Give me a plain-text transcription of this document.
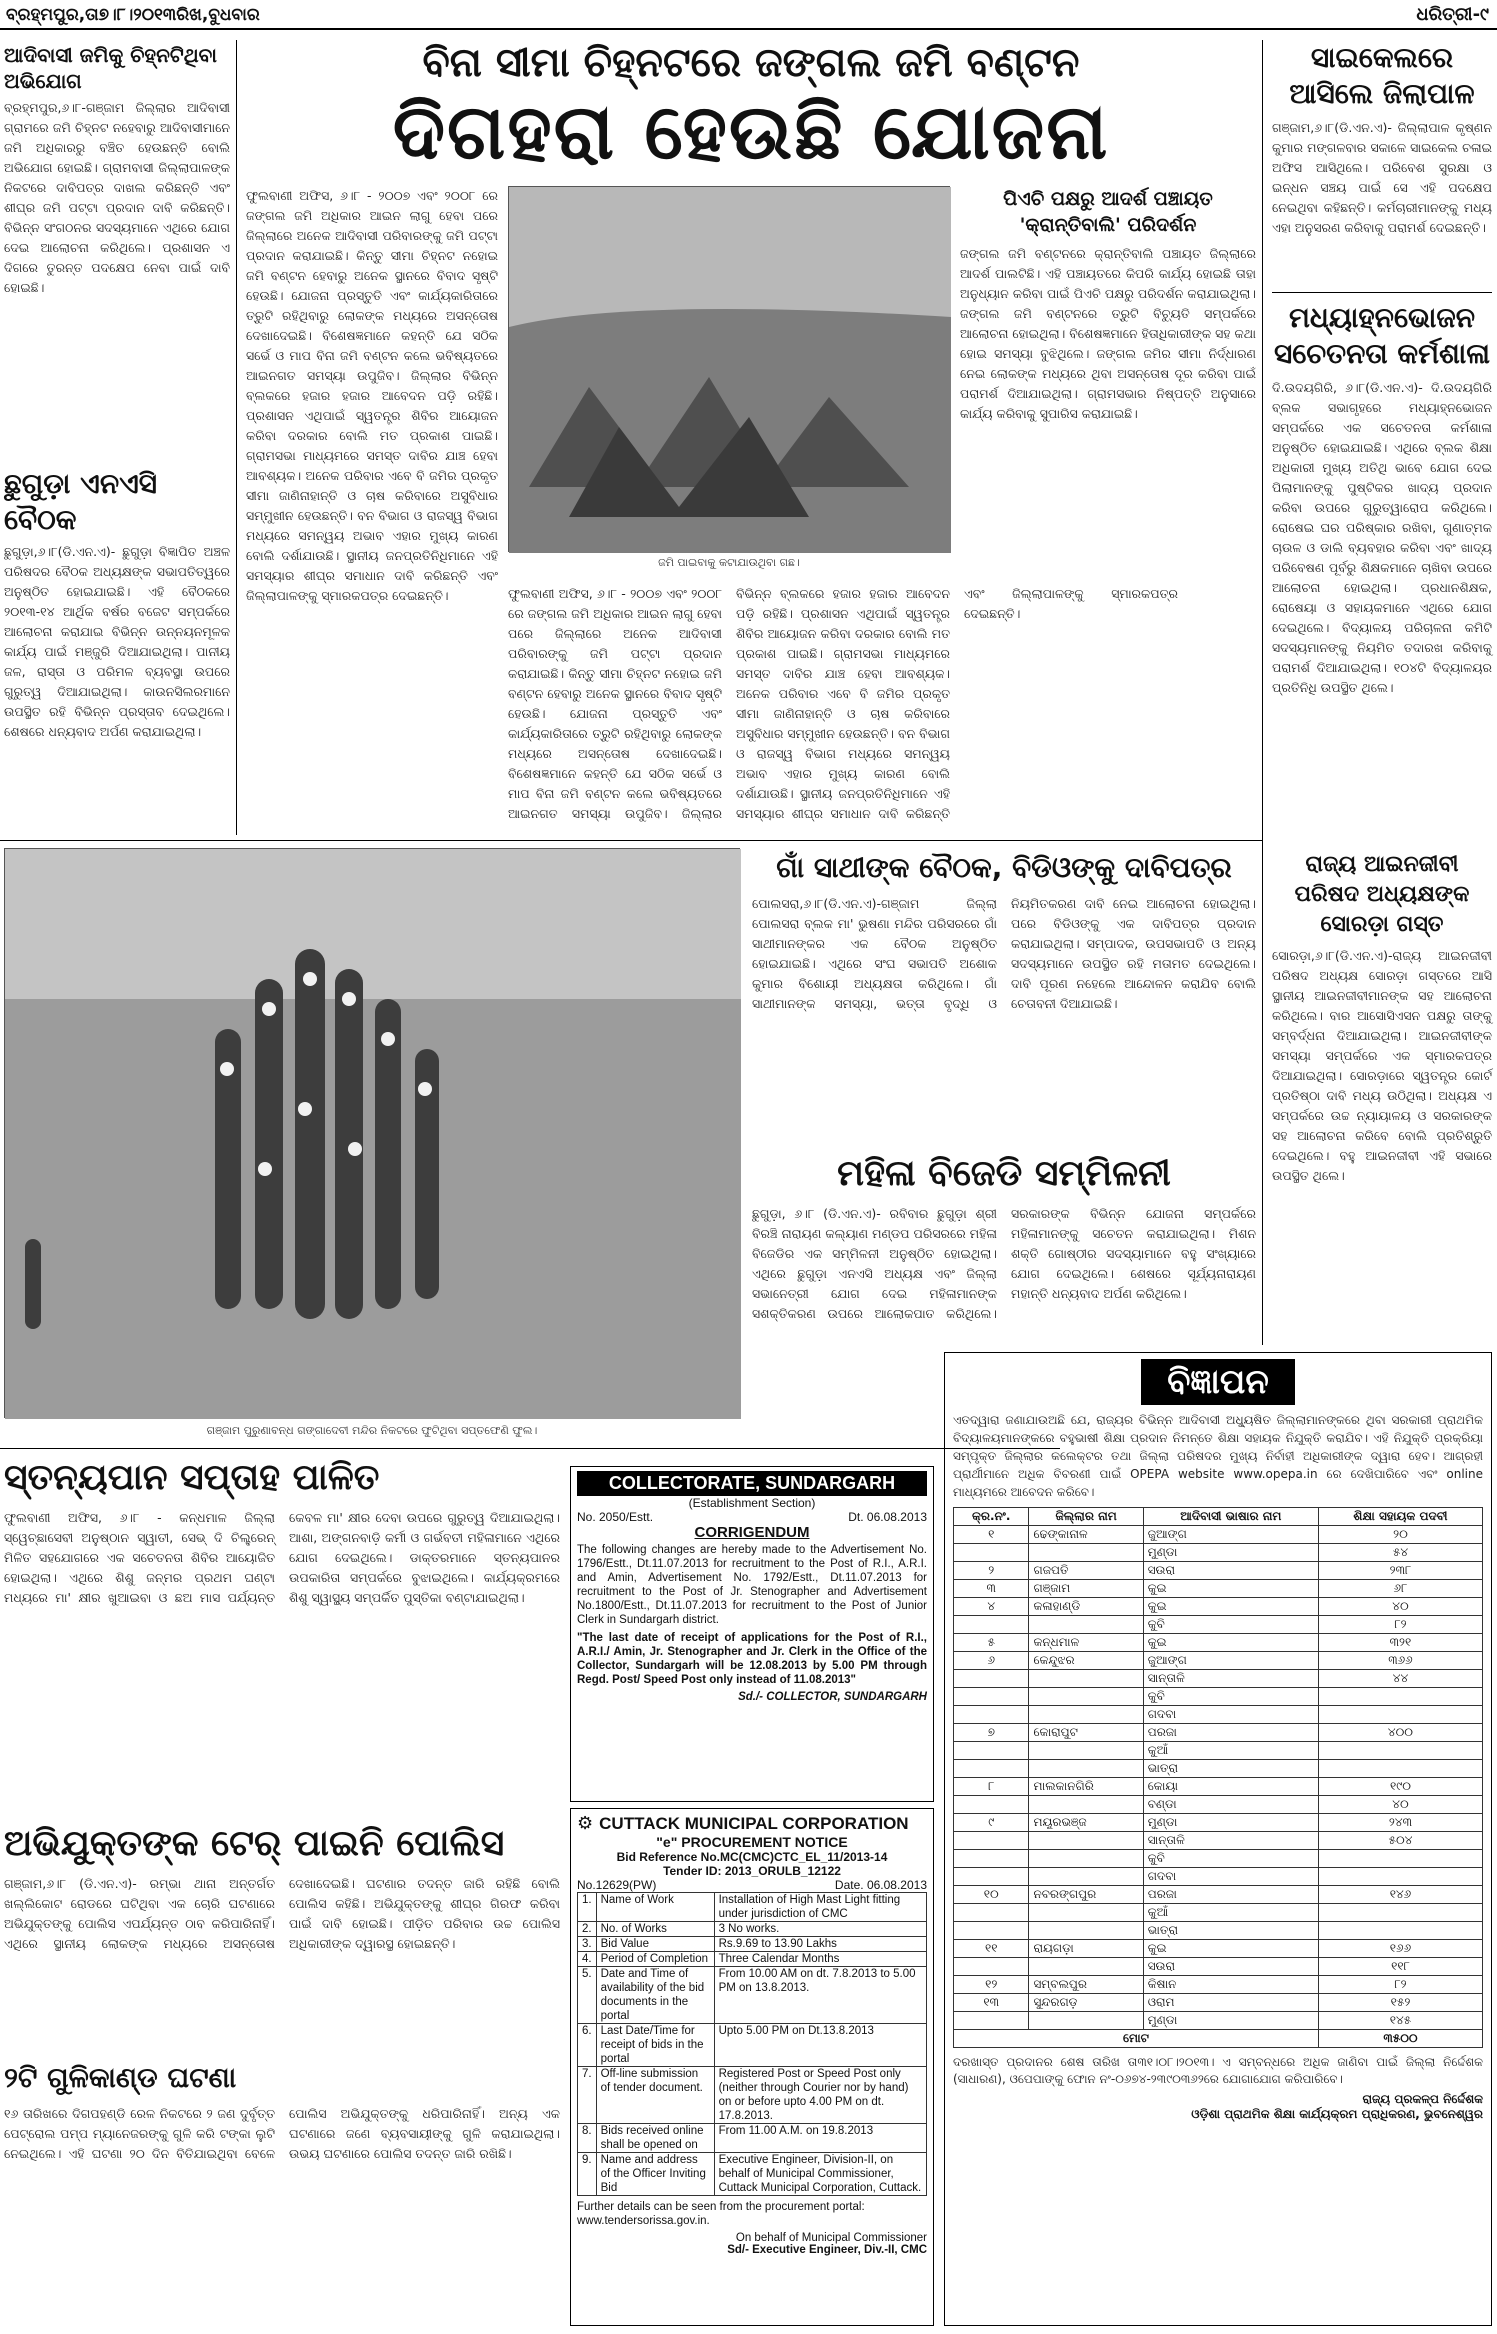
ବ୍ରହ୍ମପୁର,ତା୭।୮।୨୦୧୩ରିଖ,ବୁଧବାର	ଧରିତ୍ରୀ-୯
ଆଦିବାସୀ ଜମିକୁ ଚିହ୍ନଟିଥିବା ଅଭିଯୋଗ
ବ୍ରହ୍ମପୁର,୬।୮-ଗଞ୍ଜାମ ଜିଲ୍ଲାର ଆଦିବାସୀ ଗ୍ରାମରେ ଜମି ଚିହ୍ନଟ ନହେବାରୁ ଆଦିବାସୀମାନେ ଜମି ଅଧିକାରରୁ ବଞ୍ଚିତ ହେଉଛନ୍ତି ବୋଲି ଅଭିଯୋଗ ହୋଇଛି। ଗ୍ରାମବାସୀ ଜିଲ୍ଲାପାଳଙ୍କ ନିକଟରେ ଦାବିପତ୍ର ଦାଖଲ କରିଛନ୍ତି ଏବଂ ଶୀଘ୍ର ଜମି ପଟ୍ଟା ପ୍ରଦାନ ଦାବି କରିଛନ୍ତି। ବିଭିନ୍ନ ସଂଗଠନର ସଦସ୍ୟମାନେ ଏଥିରେ ଯୋଗ ଦେଇ ଆଲୋଚନା କରିଥିଲେ। ପ୍ରଶାସନ ଏ ଦିଗରେ ତୁରନ୍ତ ପଦକ୍ଷେପ ନେବା ପାଇଁ ଦାବି ହୋଇଛି।
ଛୁଗୁଡ଼ା ଏନଏସି ବୈଠକ
ଛୁଗୁଡ଼ା,୬।୮(ଡି.ଏନ.ଏ)- ଛୁଗୁଡ଼ା ବିଜ୍ଞାପିତ ଅଞ୍ଚଳ ପରିଷଦର ବୈଠକ ଅଧ୍ୟକ୍ଷଙ୍କ ସଭାପତିତ୍ୱରେ ଅନୁଷ୍ଠିତ ହୋଇଯାଇଛି। ଏହି ବୈଠକରେ ୨୦୧୩-୧୪ ଆର୍ଥିକ ବର୍ଷର ବଜେଟ ସମ୍ପର୍କରେ ଆଲୋଚନା କରାଯାଇ ବିଭିନ୍ନ ଉନ୍ନୟନମୂଳକ କାର୍ଯ୍ୟ ପାଇଁ ମଞ୍ଜୁରି ଦିଆଯାଇଥିଲା। ପାନୀୟ ଜଳ, ରାସ୍ତା ଓ ପରିମଳ ବ୍ୟବସ୍ଥା ଉପରେ ଗୁରୁତ୍ୱ ଦିଆଯାଇଥିଲା। କାଉନସିଲରମାନେ ଉପସ୍ଥିତ ରହି ବିଭିନ୍ନ ପ୍ରସ୍ତାବ ଦେଇଥିଲେ। ଶେଷରେ ଧନ୍ୟବାଦ ଅର୍ପଣ କରାଯାଇଥିଲା।
ବିନା ସୀମା ଚିହ୍ନଟରେ ଜଙ୍ଗଲ ଜମି ବଣ୍ଟନ
ଦିଗହରା ହେଉଛି ଯୋଜନା
ଫୁଲବାଣୀ ଅଫିସ, ୬।୮ - ୨୦୦୭ ଏବଂ ୨୦୦୮ ରେ ଜଙ୍ଗଲ ଜମି ଅଧିକାର ଆଇନ ଲାଗୁ ହେବା ପରେ ଜିଲ୍ଲାରେ ଅନେକ ଆଦିବାସୀ ପରିବାରଙ୍କୁ ଜମି ପଟ୍ଟା ପ୍ରଦାନ କରାଯାଇଛି। କିନ୍ତୁ ସୀମା ଚିହ୍ନଟ ନହୋଇ ଜମି ବଣ୍ଟନ ହେବାରୁ ଅନେକ ସ୍ଥାନରେ ବିବାଦ ସୃଷ୍ଟି ହେଉଛି। ଯୋଜନା ପ୍ରସ୍ତୁତି ଏବଂ କାର୍ଯ୍ୟକାରିତାରେ ତ୍ରୁଟି ରହିଥିବାରୁ ଲୋକଙ୍କ ମଧ୍ୟରେ ଅସନ୍ତୋଷ ଦେଖାଦେଇଛି। ବିଶେଷଜ୍ଞମାନେ କହନ୍ତି ଯେ ସଠିକ ସର୍ଭେ ଓ ମାପ ବିନା ଜମି ବଣ୍ଟନ କଲେ ଭବିଷ୍ୟତରେ ଆଇନଗତ ସମସ୍ୟା ଉପୁଜିବ। ଜିଲ୍ଲାର ବିଭିନ୍ନ ବ୍ଲକରେ ହଜାର ହଜାର ଆବେଦନ ପଡ଼ି ରହିଛି। ପ୍ରଶାସନ ଏଥିପାଇଁ ସ୍ୱତନ୍ତ୍ର ଶିବିର ଆୟୋଜନ କରିବା ଦରକାର ବୋଲି ମତ ପ୍ରକାଶ ପାଇଛି। ଗ୍ରାମସଭା ମାଧ୍ୟମରେ ସମସ୍ତ ଦାବିର ଯାଞ୍ଚ ହେବା ଆବଶ୍ୟକ। ଅନେକ ପରିବାର ଏବେ ବି ଜମିର ପ୍ରକୃତ ସୀମା ଜାଣିନାହାନ୍ତି ଓ ଚାଷ କରିବାରେ ଅସୁବିଧାର ସମ୍ମୁଖୀନ ହେଉଛନ୍ତି। ବନ ବିଭାଗ ଓ ରାଜସ୍ୱ ବିଭାଗ ମଧ୍ୟରେ ସମନ୍ୱୟ ଅଭାବ ଏହାର ମୁଖ୍ୟ କାରଣ ବୋଲି ଦର୍ଶାଯାଉଛି। ସ୍ଥାନୀୟ ଜନପ୍ରତିନିଧିମାନେ ଏହି ସମସ୍ୟାର ଶୀଘ୍ର ସମାଧାନ ଦାବି କରିଛନ୍ତି ଏବଂ ଜିଲ୍ଲାପାଳଙ୍କୁ ସ୍ମାରକପତ୍ର ଦେଇଛନ୍ତି।
ଜମି ପାଇବାକୁ କଟାଯାଉଥିବା ଗଛ।
ଫୁଲବାଣୀ ଅଫିସ, ୬।୮ - ୨୦୦୭ ଏବଂ ୨୦୦୮ ରେ ଜଙ୍ଗଲ ଜମି ଅଧିକାର ଆଇନ ଲାଗୁ ହେବା ପରେ ଜିଲ୍ଲାରେ ଅନେକ ଆଦିବାସୀ ପରିବାରଙ୍କୁ ଜମି ପଟ୍ଟା ପ୍ରଦାନ କରାଯାଇଛି। କିନ୍ତୁ ସୀମା ଚିହ୍ନଟ ନହୋଇ ଜମି ବଣ୍ଟନ ହେବାରୁ ଅନେକ ସ୍ଥାନରେ ବିବାଦ ସୃଷ୍ଟି ହେଉଛି। ଯୋଜନା ପ୍ରସ୍ତୁତି ଏବଂ କାର୍ଯ୍ୟକାରିତାରେ ତ୍ରୁଟି ରହିଥିବାରୁ ଲୋକଙ୍କ ମଧ୍ୟରେ ଅସନ୍ତୋଷ ଦେଖାଦେଇଛି। ବିଶେଷଜ୍ଞମାନେ କହନ୍ତି ଯେ ସଠିକ ସର୍ଭେ ଓ ମାପ ବିନା ଜମି ବଣ୍ଟନ କଲେ ଭବିଷ୍ୟତରେ ଆଇନଗତ ସମସ୍ୟା ଉପୁଜିବ। ଜିଲ୍ଲାର ବିଭିନ୍ନ ବ୍ଲକରେ ହଜାର ହଜାର ଆବେଦନ ପଡ଼ି ରହିଛି। ପ୍ରଶାସନ ଏଥିପାଇଁ ସ୍ୱତନ୍ତ୍ର ଶିବିର ଆୟୋଜନ କରିବା ଦରକାର ବୋଲି ମତ ପ୍ରକାଶ ପାଇଛି। ଗ୍ରାମସଭା ମାଧ୍ୟମରେ ସମସ୍ତ ଦାବିର ଯାଞ୍ଚ ହେବା ଆବଶ୍ୟକ। ଅନେକ ପରିବାର ଏବେ ବି ଜମିର ପ୍ରକୃତ ସୀମା ଜାଣିନାହାନ୍ତି ଓ ଚାଷ କରିବାରେ ଅସୁବିଧାର ସମ୍ମୁଖୀନ ହେଉଛନ୍ତି। ବନ ବିଭାଗ ଓ ରାଜସ୍ୱ ବିଭାଗ ମଧ୍ୟରେ ସମନ୍ୱୟ ଅଭାବ ଏହାର ମୁଖ୍ୟ କାରଣ ବୋଲି ଦର୍ଶାଯାଉଛି। ସ୍ଥାନୀୟ ଜନପ୍ରତିନିଧିମାନେ ଏହି ସମସ୍ୟାର ଶୀଘ୍ର ସମାଧାନ ଦାବି କରିଛନ୍ତି ଏବଂ ଜିଲ୍ଲାପାଳଙ୍କୁ ସ୍ମାରକପତ୍ର ଦେଇଛନ୍ତି।
ପିଏଚି ପକ୍ଷରୁ ଆଦର୍ଶ ପଞ୍ଚାୟତ 'କ୍ରାନ୍ତିବାଲି' ପରିଦର୍ଶନ
ଜଙ୍ଗଲ ଜମି ବଣ୍ଟନରେ କ୍ରାନ୍ତିବାଲି ପଞ୍ଚାୟତ ଜିଲ୍ଲାରେ ଆଦର୍ଶ ପାଲଟିଛି। ଏହି ପଞ୍ଚାୟତରେ କିପରି କାର୍ଯ୍ୟ ହୋଇଛି ତାହା ଅନୁଧ୍ୟାନ କରିବା ପାଇଁ ପିଏଚି ପକ୍ଷରୁ ପରିଦର୍ଶନ କରାଯାଇଥିଲା। ଜଙ୍ଗଲ ଜମି ବଣ୍ଟନରେ ତ୍ରୁଟି ବିଚ୍ୟୁତି ସମ୍ପର୍କରେ ଆଲୋଚନା ହୋଇଥିଲା। ବିଶେଷଜ୍ଞମାନେ ହିତାଧିକାରୀଙ୍କ ସହ କଥା ହୋଇ ସମସ୍ୟା ବୁଝିଥିଲେ। ଜଙ୍ଗଲ ଜମିର ସୀମା ନିର୍ଦ୍ଧାରଣ ନେଇ ଲୋକଙ୍କ ମଧ୍ୟରେ ଥିବା ଅସନ୍ତୋଷ ଦୂର କରିବା ପାଇଁ ପରାମର୍ଶ ଦିଆଯାଇଥିଲା। ଗ୍ରାମସଭାର ନିଷ୍ପତ୍ତି ଅନୁସାରେ କାର୍ଯ୍ୟ କରିବାକୁ ସୁପାରିସ କରାଯାଇଛି।
ସାଇକେଲରେ ଆସିଲେ ଜିଲାପାଳ
ଗଞ୍ଜାମ,୬।୮(ଡି.ଏନ.ଏ)- ଜିଲ୍ଲାପାଳ କୃଷ୍ଣନ କୁମାର ମଙ୍ଗଳବାର ସକାଳେ ସାଇକେଲ ଚଳାଇ ଅଫିସ ଆସିଥିଲେ। ପରିବେଶ ସୁରକ୍ଷା ଓ ଇନ୍ଧନ ସଞ୍ଚୟ ପାଇଁ ସେ ଏହି ପଦକ୍ଷେପ ନେଇଥିବା କହିଛନ୍ତି। କର୍ମଚାରୀମାନଙ୍କୁ ମଧ୍ୟ ଏହା ଅନୁସରଣ କରିବାକୁ ପରାମର୍ଶ ଦେଇଛନ୍ତି।
ମଧ୍ୟାହ୍ନଭୋଜନ ସଚେତନତା କର୍ମଶାଳା
ଦି.ଉଦୟଗିରି, ୬।୮(ଡି.ଏନ.ଏ)- ଦି.ଉଦୟଗିରି ବ୍ଲକ ସଭାଗୃହରେ ମଧ୍ୟାହ୍ନଭୋଜନ ସମ୍ପର୍କରେ ଏକ ସଚେତନତା କର୍ମଶାଳା ଅନୁଷ୍ଠିତ ହୋଇଯାଇଛି। ଏଥିରେ ବ୍ଲକ ଶିକ୍ଷା ଅଧିକାରୀ ମୁଖ୍ୟ ଅତିଥି ଭାବେ ଯୋଗ ଦେଇ ପିଲାମାନଙ୍କୁ ପୁଷ୍ଟିକର ଖାଦ୍ୟ ପ୍ରଦାନ କରିବା ଉପରେ ଗୁରୁତ୍ୱାରୋପ କରିଥିଲେ। ରୋଷେଇ ଘର ପରିଷ୍କାର ରଖିବା, ଗୁଣାତ୍ମକ ଚାଉଳ ଓ ଡାଲି ବ୍ୟବହାର କରିବା ଏବଂ ଖାଦ୍ୟ ପରିବେଷଣ ପୂର୍ବରୁ ଶିକ୍ଷକମାନେ ଚାଖିବା ଉପରେ ଆଲୋଚନା ହୋଇଥିଲା। ପ୍ରଧାନଶିକ୍ଷକ, ରୋଷେୟା ଓ ସହାୟକମାନେ ଏଥିରେ ଯୋଗ ଦେଇଥିଲେ। ବିଦ୍ୟାଳୟ ପରିଚାଳନା କମିଟି ସଦସ୍ୟମାନଙ୍କୁ ନିୟମିତ ତଦାରଖ କରିବାକୁ ପରାମର୍ଶ ଦିଆଯାଇଥିଲା। ୧୦୪ଟି ବିଦ୍ୟାଳୟର ପ୍ରତିନିଧି ଉପସ୍ଥିତ ଥିଲେ।
ଗଞ୍ଜାମ ପୁରୁଣାବନ୍ଧ ଗଙ୍ଗାଦେବୀ ମନ୍ଦିର ନିକଟରେ ଫୁଟିଥିବା ସପ୍ତଫେଣି ଫୁଲ।
ଗାଁ ସାଥୀଙ୍କ ବୈଠକ, ବିଡିଓଙ୍କୁ ଦାବିପତ୍ର
ପୋଲସରା,୬।୮(ଡି.ଏନ.ଏ)-ଗଞ୍ଜାମ ଜିଲ୍ଲା ପୋଲସରା ବ୍ଲକ ମା' ଭୁଷଣା ମନ୍ଦିର ପରିସରରେ ଗାଁ ସାଥୀମାନଙ୍କର ଏକ ବୈଠକ ଅନୁଷ୍ଠିତ ହୋଇଯାଇଛି। ଏଥିରେ ସଂଘ ସଭାପତି ଅଶୋକ କୁମାର ବିଶୋୟୀ ଅଧ୍ୟକ୍ଷତା କରିଥିଲେ। ଗାଁ ସାଥୀମାନଙ୍କ ସମସ୍ୟା, ଭତ୍ତା ବୃଦ୍ଧି ଓ ନିୟମିତକରଣ ଦାବି ନେଇ ଆଲୋଚନା ହୋଇଥିଲା। ପରେ ବିଡିଓଙ୍କୁ ଏକ ଦାବିପତ୍ର ପ୍ରଦାନ କରାଯାଇଥିଲା। ସମ୍ପାଦକ, ଉପସଭାପତି ଓ ଅନ୍ୟ ସଦସ୍ୟମାନେ ଉପସ୍ଥିତ ରହି ମତାମତ ଦେଇଥିଲେ। ଦାବି ପୂରଣ ନହେଲେ ଆନ୍ଦୋଳନ କରାଯିବ ବୋଲି ଚେତାବନୀ ଦିଆଯାଇଛି।
ମହିଳା ବିଜେଡି ସମ୍ମିଳନୀ
ଛୁଗୁଡ଼ା, ୬।୮ (ଡି.ଏନ.ଏ)- ରବିବାର ଛୁଗୁଡ଼ା ଶ୍ରୀ ବିରଞ୍ଚି ନାରାୟଣ କଲ୍ୟାଣ ମଣ୍ଡପ ପରିସରରେ ମହିଳା ବିଜେଡିର ଏକ ସମ୍ମିଳନୀ ଅନୁଷ୍ଠିତ ହୋଇଥିଲା। ଏଥିରେ ଛୁଗୁଡ଼ା ଏନଏସି ଅଧ୍ୟକ୍ଷ ଏବଂ ଜିଲ୍ଲା ସଭାନେତ୍ରୀ ଯୋଗ ଦେଇ ମହିଳାମାନଙ୍କ ସଶକ୍ତିକରଣ ଉପରେ ଆଲୋକପାତ କରିଥିଲେ। ସରକାରଙ୍କ ବିଭିନ୍ନ ଯୋଜନା ସମ୍ପର୍କରେ ମହିଳାମାନଙ୍କୁ ସଚେତନ କରାଯାଇଥିଲା। ମିଶନ ଶକ୍ତି ଗୋଷ୍ଠୀର ସଦସ୍ୟାମାନେ ବହୁ ସଂଖ୍ୟାରେ ଯୋଗ ଦେଇଥିଲେ। ଶେଷରେ ସୂର୍ଯ୍ୟନାରାୟଣ ମହାନ୍ତି ଧନ୍ୟବାଦ ଅର୍ପଣ କରିଥିଲେ।
ରାଜ୍ୟ ଆଇନଜୀବୀ ପରିଷଦ ଅଧ୍ୟକ୍ଷଙ୍କ ସୋରଡ଼ା ଗସ୍ତ
ସୋରଡ଼ା,୬।୮(ଡି.ଏନ.ଏ)-ରାଜ୍ୟ ଆଇନଜୀବୀ ପରିଷଦ ଅଧ୍ୟକ୍ଷ ସୋରଡ଼ା ଗସ୍ତରେ ଆସି ସ୍ଥାନୀୟ ଆଇନଜୀବୀମାନଙ୍କ ସହ ଆଲୋଚନା କରିଥିଲେ। ବାର ଆସୋସିଏସନ ପକ୍ଷରୁ ତାଙ୍କୁ ସମ୍ବର୍ଦ୍ଧନା ଦିଆଯାଇଥିଲା। ଆଇନଜୀବୀଙ୍କ ସମସ୍ୟା ସମ୍ପର୍କରେ ଏକ ସ୍ମାରକପତ୍ର ଦିଆଯାଇଥିଲା। ସୋରଡ଼ାରେ ସ୍ୱତନ୍ତ୍ର କୋର୍ଟ ପ୍ରତିଷ୍ଠା ଦାବି ମଧ୍ୟ ଉଠିଥିଲା। ଅଧ୍ୟକ୍ଷ ଏ ସମ୍ପର୍କରେ ଉଚ୍ଚ ନ୍ୟାୟାଳୟ ଓ ସରକାରଙ୍କ ସହ ଆଲୋଚନା କରିବେ ବୋଲି ପ୍ରତିଶ୍ରୁତି ଦେଇଥିଲେ। ବହୁ ଆଇନଜୀବୀ ଏହି ସଭାରେ ଉପସ୍ଥିତ ଥିଲେ।
ସ୍ତନ୍ୟପାନ ସପ୍ତାହ ପାଳିତ
ଫୁଲବାଣୀ ଅଫିସ, ୬।୮ - କନ୍ଧମାଳ ଜିଲ୍ଲା ସ୍ୱେଚ୍ଛାସେବୀ ଅନୁଷ୍ଠାନ ସ୍ୱାତୀ, ସେଭ୍ ଦି ଚିଲ୍ଡ୍ରେନ୍ ମିଳିତ ସହଯୋଗରେ ଏକ ସଚେତନତା ଶିବିର ଆୟୋଜିତ ହୋଇଥିଲା। ଏଥିରେ ଶିଶୁ ଜନ୍ମର ପ୍ରଥମ ଘଣ୍ଟା ମଧ୍ୟରେ ମା' କ୍ଷୀର ଖୁଆଇବା ଓ ଛଅ ମାସ ପର୍ଯ୍ୟନ୍ତ କେବଳ ମା' କ୍ଷୀର ଦେବା ଉପରେ ଗୁରୁତ୍ୱ ଦିଆଯାଇଥିଲା। ଆଶା, ଅଙ୍ଗନବାଡ଼ି କର୍ମୀ ଓ ଗର୍ଭବତୀ ମହିଳାମାନେ ଏଥିରେ ଯୋଗ ଦେଇଥିଲେ। ଡାକ୍ତରମାନେ ସ୍ତନ୍ୟପାନର ଉପକାରିତା ସମ୍ପର୍କରେ ବୁଝାଇଥିଲେ। କାର୍ଯ୍ୟକ୍ରମରେ ଶିଶୁ ସ୍ୱାସ୍ଥ୍ୟ ସମ୍ପର୍କିତ ପୁସ୍ତିକା ବଣ୍ଟାଯାଇଥିଲା।
ଅଭିଯୁକ୍ତଙ୍କ ଟେର୍ ପାଇନି ପୋଲିସ
ଗଞ୍ଜାମ,୬।୮ (ଡି.ଏନ.ଏ)- ରମ୍ଭା ଥାନା ଅନ୍ତର୍ଗତ ଖଲ୍ଲିକୋଟ ରୋଡରେ ଘଟିଥିବା ଏକ ଚୋରି ଘଟଣାରେ ଅଭିଯୁକ୍ତଙ୍କୁ ପୋଲିସ ଏପର୍ଯ୍ୟନ୍ତ ଠାବ କରିପାରିନାହିଁ। ଏଥିରେ ସ୍ଥାନୀୟ ଲୋକଙ୍କ ମଧ୍ୟରେ ଅସନ୍ତୋଷ ଦେଖାଦେଇଛି। ଘଟଣାର ତଦନ୍ତ ଜାରି ରହିଛି ବୋଲି ପୋଲିସ କହିଛି। ଅଭିଯୁକ୍ତଙ୍କୁ ଶୀଘ୍ର ଗିରଫ କରିବା ପାଇଁ ଦାବି ହୋଇଛି। ପୀଡ଼ିତ ପରିବାର ଉଚ୍ଚ ପୋଲିସ ଅଧିକାରୀଙ୍କ ଦ୍ୱାରସ୍ଥ ହୋଇଛନ୍ତି।
୨ଟି ଗୁଳିକାଣ୍ଡ ଘଟଣା
୧୬ ତାରିଖରେ ଦିଗପହଣ୍ଡି ରେଳ ନିକଟରେ ୨ ଜଣ ଦୁର୍ବୃତ୍ତ ପେଟ୍ରୋଲ ପମ୍ପ ମ୍ୟାନେଜରଙ୍କୁ ଗୁଳି କରି ଟଙ୍କା ଲୁଟି ନେଇଥିଲେ। ଏହି ଘଟଣା ୨୦ ଦିନ ବିତିଯାଇଥିବା ବେଳେ ପୋଲିସ ଅଭିଯୁକ୍ତଙ୍କୁ ଧରିପାରିନାହିଁ। ଅନ୍ୟ ଏକ ଘଟଣାରେ ଜଣେ ବ୍ୟବସାୟୀଙ୍କୁ ଗୁଳି କରାଯାଇଥିଲା। ଉଭୟ ଘଟଣାରେ ପୋଲିସ ତଦନ୍ତ ଜାରି ରଖିଛି।
COLLECTORATE, SUNDARGARH
(Establishment Section)
No. 2050/Estt.	Dt. 06.08.2013
CORRIGENDUM
The following changes are hereby made to the Advertisement No. 1796/Estt., Dt.11.07.2013 for recruitment to the Post of R.I., A.R.I. and Amin, Advertisement No. 1792/Estt., Dt.11.07.2013 for recruitment to the Post of Jr. Stenographer and Advertisement No.1800/Estt., Dt.11.07.2013 for recruitment to the Post of Junior Clerk in Sundargarh district.
"The last date of receipt of applications for the Post of R.I., A.R.I./ Amin, Jr. Stenographer and Jr. Clerk in the Office of the Collector, Sundargarh will be 12.08.2013 by 5.00 PM through Regd. Post/ Speed Post only instead of 11.08.2013"
Sd./- COLLECTOR, SUNDARGARH
⚙ CUTTACK MUNICIPAL CORPORATION
"e" PROCUREMENT NOTICE
Bid Reference No.MC(CMC)CTC_EL_11/2013-14
Tender ID: 2013_ORULB_12122
No.12629(PW)	Date. 06.08.2013
1.	Name of Work	Installation of High Mast Light fitting under jurisdiction of CMC
2.	No. of Works	3 No works.
3.	Bid Value	Rs.9.69 to 13.90 Lakhs
4.	Period of Completion	Three Calendar Months
5.	Date and Time of availability of the bid documents in the portal	From 10.00 AM on dt. 7.8.2013 to 5.00 PM on 13.8.2013.
6.	Last Date/Time for receipt of bids in the portal	Upto 5.00 PM on Dt.13.8.2013
7.	Off-line submission of tender document.	Registered Post or Speed Post only (neither through Courier nor by hand) on or before upto 4.00 PM on dt. 17.8.2013.
8.	Bids received online shall be opened on	From 11.00 A.M. on 19.8.2013
9.	Name and address of the Officer Inviting Bid	Executive Engineer, Division-II, on behalf of Municipal Commissioner, Cuttack Municipal Corporation, Cuttack.
Further details can be seen from the procurement portal: www.tendersorissa.gov.in.
On behalf of Municipal Commissioner
Sd/- Executive Engineer, Div.-II, CMC
ବିଜ୍ଞାପନ
ଏତଦ୍ୱାରା ଜଣାଯାଉଅଛି ଯେ, ରାଜ୍ୟର ବିଭିନ୍ନ ଆଦିବାସୀ ଅଧ୍ୟୁଷିତ ଜିଲ୍ଲାମାନଙ୍କରେ ଥିବା ସରକାରୀ ପ୍ରାଥମିକ ବିଦ୍ୟାଳୟମାନଙ୍କରେ ବହୁଭାଷୀ ଶିକ୍ଷା ପ୍ରଦାନ ନିମନ୍ତେ ଶିକ୍ଷା ସହାୟକ ନିଯୁକ୍ତି କରାଯିବ। ଏହି ନିଯୁକ୍ତି ପ୍ରକ୍ରିୟା ସମ୍ପୃକ୍ତ ଜିଲ୍ଲାର କଲେକ୍ଟର ତଥା ଜିଲ୍ଲା ପରିଷଦର ମୁଖ୍ୟ ନିର୍ବାହୀ ଅଧିକାରୀଙ୍କ ଦ୍ୱାରା ହେବ। ଆଗ୍ରହୀ ପ୍ରାର୍ଥୀମାନେ ଅଧିକ ବିବରଣୀ ପାଇଁ OPEPA website www.opepa.in ରେ ଦେଖିପାରିବେ ଏବଂ online ମାଧ୍ୟମରେ ଆବେଦନ କରିବେ।
କ୍ର.ନଂ.	ଜିଲ୍ଲାର ନାମ	ଆଦିବାସୀ ଭାଷାର ନାମ	ଶିକ୍ଷା ସହାୟକ ପଦବୀ
୧	ଢେଙ୍କାନାଳ	ଜୁଆଙ୍ଗ	୨୦
		ମୁଣ୍ଡା	୫୪
୨	ଗଜପତି	ସଉରା	୨୩୮
୩	ଗଞ୍ଜାମ	କୁଇ	୬୮
୪	କଳାହାଣ୍ଡି	କୁଇ	୪୦
		କୁବି	୮୨
୫	କନ୍ଧମାଳ	କୁଇ	୩୨୧
୬	କେନ୍ଦୁଝର	ଜୁଆଙ୍ଗ	୩୬୬
		ସାନ୍ତାଳି	୪୪
		କୁବି	
		ଗଦବା	
୭	କୋରାପୁଟ	ପରଜା	୪୦୦
		କୁଆଁ	
		ଭାତ୍ରା	
୮	ମାଲକାନଗିରି	କୋୟା	୧୯୦
		ବଣ୍ଡା	୪୦
୯	ମୟୂରଭଞ୍ଜ	ମୁଣ୍ଡା	୨୪୩
		ସାନ୍ତାଳି	୫୦୪
		କୁବି	
		ଗଦବା	
୧୦	ନବରଙ୍ଗପୁର	ପରଜା	୧୪୬
		କୁଆଁ	
		ଭାତ୍ରା	
୧୧	ରାୟଗଡ଼ା	କୁଇ	୧୬୬
		ସଉରା	୧୧୮
୧୨	ସମ୍ବଲପୁର	କିଷାନ	୮୨
୧୩	ସୁନ୍ଦରଗଡ଼	ଓରାମ	୧୫୨
		ମୁଣ୍ଡା	୧୪୫
ମୋଟ			୩୫୦୦
ଦରଖାସ୍ତ ପ୍ରଦାନର ଶେଷ ତାରିଖ ତା୩୧।୦୮।୨୦୧୩। ଏ ସମ୍ବନ୍ଧରେ ଅଧିକ ଜାଣିବା ପାଇଁ ଜିଲ୍ଲା ନିର୍ଦ୍ଦେଶକ (ସାଧାରଣ), ଓପେପାଙ୍କୁ ଫୋନ ନଂ-୦୬୭୪-୨୩୯୦୩୬୨ରେ ଯୋଗାଯୋଗ କରିପାରିବେ।
ରାଜ୍ୟ ପ୍ରକଳ୍ପ ନିର୍ଦ୍ଦେଶକ
ଓଡ଼ିଶା ପ୍ରାଥମିକ ଶିକ୍ଷା କାର୍ଯ୍ୟକ୍ରମ ପ୍ରାଧିକରଣ, ଭୁବନେଶ୍ୱର
